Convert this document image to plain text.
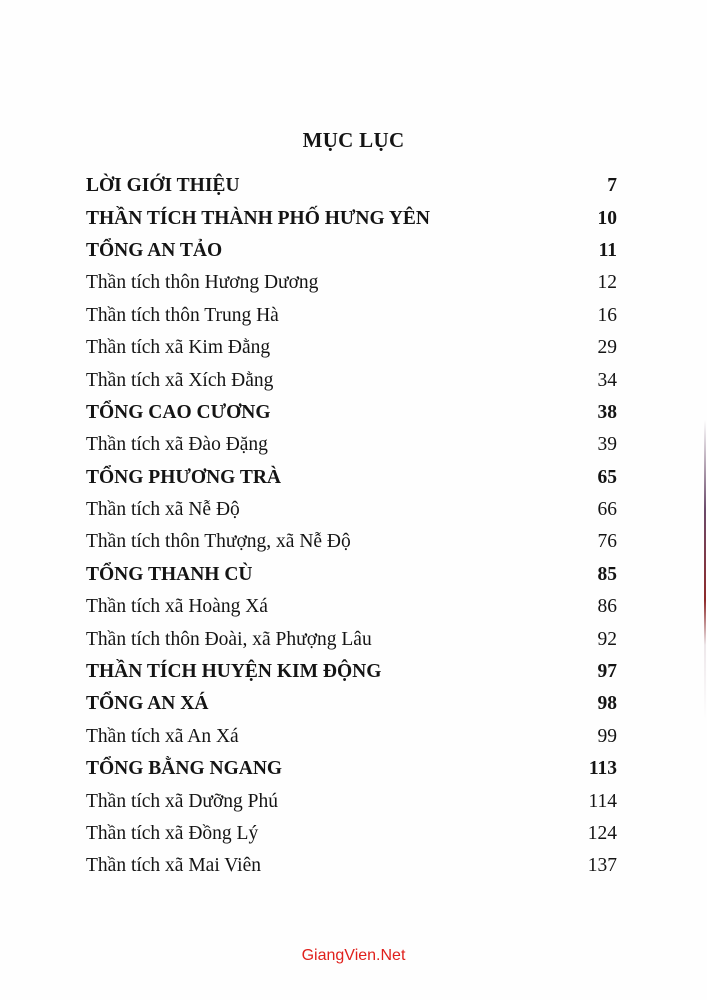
MỤC LỤC
LỜI GIỚI THIỆU	7
THẦN TÍCH THÀNH PHỐ HƯNG YÊN	10
TỔNG AN TẢO	11
Thần tích thôn Hương Dương	12
Thần tích thôn Trung Hà	16
Thần tích xã Kim Đằng	29
Thần tích xã Xích Đằng	34
TỔNG CAO CƯƠNG	38
Thần tích xã Đào Đặng	39
TỔNG PHƯƠNG TRÀ	65
Thần tích xã Nễ Độ	66
Thần tích thôn Thượng, xã Nễ Độ	76
TỔNG THANH CÙ	85
Thần tích xã Hoàng Xá	86
Thần tích thôn Đoài, xã Phượng Lâu	92
THẦN TÍCH HUYỆN KIM ĐỘNG	97
TỔNG AN XÁ	98
Thần tích xã An Xá	99
TỔNG BẰNG NGANG	113
Thần tích xã Dưỡng Phú	114
Thần tích xã Đồng Lý	124
Thần tích xã Mai Viên	137
GiangVien.Net
